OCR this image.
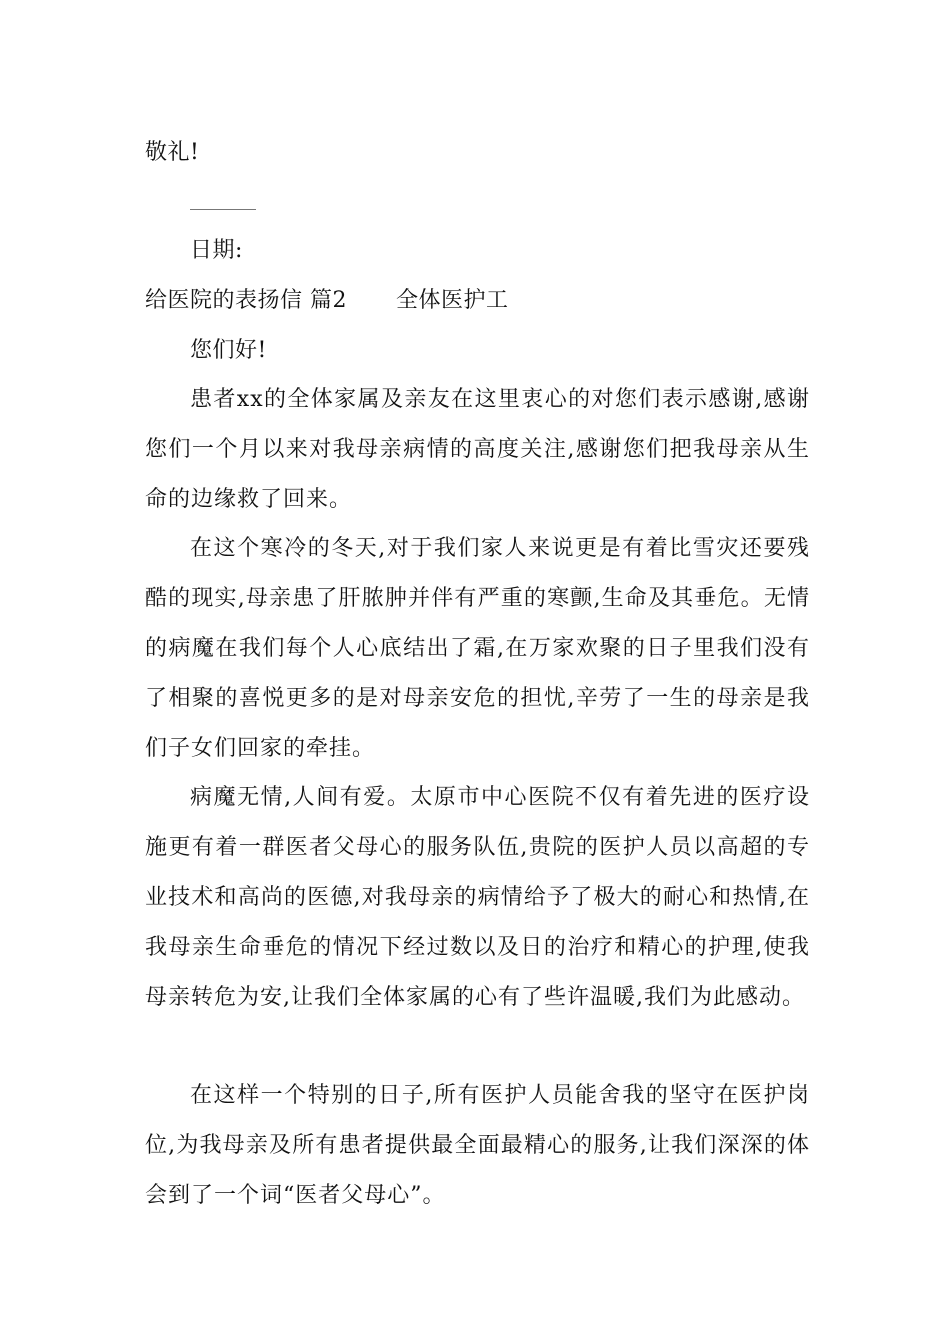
敬礼!
日期:
给医院的表扬信 篇2 全体医护工
您们好!

患者xx的全体家属及亲友在这里衷心的对您们表示感谢,感谢您们一个月以来对我母亲病情的高度关注,感谢您们把我母亲从生命的边缘救了回来。

在这个寒冷的冬天,对于我们家人来说更是有着比雪灾还要残酷的现实,母亲患了肝脓肿并伴有严重的寒颤,生命及其垂危。无情的病魔在我们每个人心底结出了霜,在万家欢聚的日子里我们没有了相聚的喜悦更多的是对母亲安危的担忧,辛劳了一生的母亲是我们子女们回家的牵挂。

病魔无情,人间有爱。太原市中心医院不仅有着先进的医疗设施更有着一群医者父母心的服务队伍,贵院的医护人员以高超的专业技术和高尚的医德,对我母亲的病情给予了极大的耐心和热情,在我母亲生命垂危的情况下经过数以及日的治疗和精心的护理,使我母亲转危为安,让我们全体家属的心有了些许温暖,我们为此感动。

在这样一个特别的日子,所有医护人员能舍我的坚守在医护岗位,为我母亲及所有患者提供最全面最精心的服务,让我们深深的体会到了一个词“医者父母心”。
